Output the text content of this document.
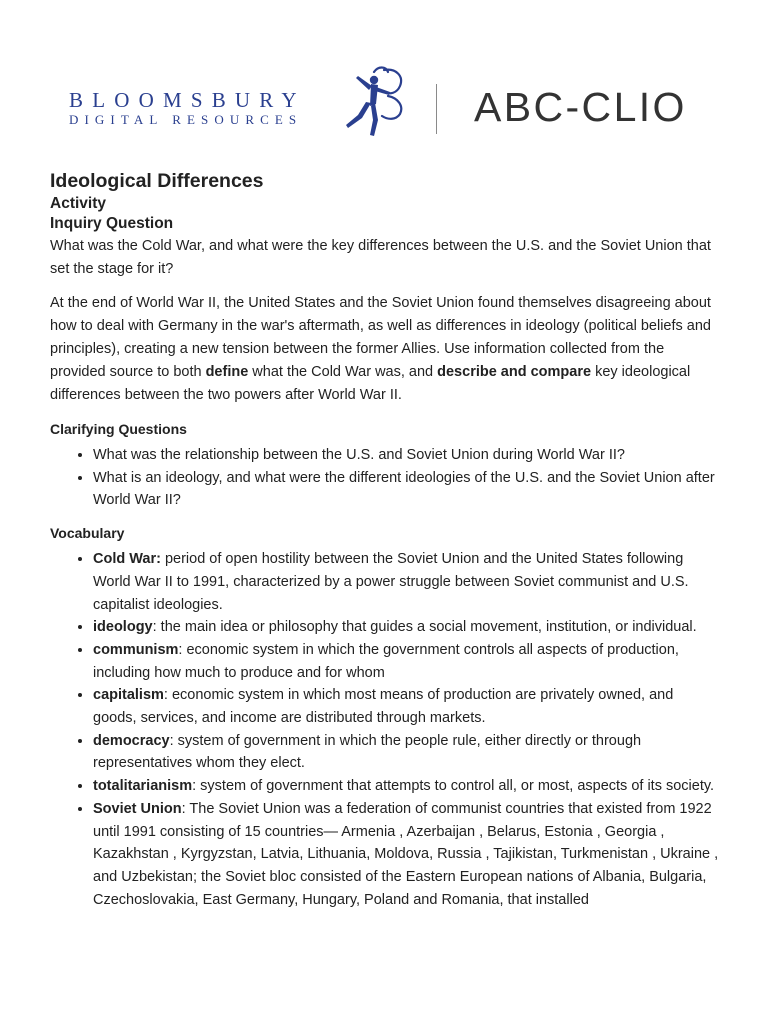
BLOOMSBURY
DIGITAL RESOURCES	ABC-CLIO
Ideological Differences
Activity
Inquiry Question

What was the Cold War, and what were the key differences between the U.S. and the Soviet Union that set the stage for it?

At the end of World War II, the United States and the Soviet Union found themselves disagreeing about how to deal with Germany in the war's aftermath, as well as differences in ideology (political beliefs and principles), creating a new tension between the former Allies. Use information collected from the provided source to both define what the Cold War was, and describe and compare key ideological differences between the two powers after World War II.

Clarifying Questions
• What was the relationship between the U.S. and Soviet Union during World War II?
• What is an ideology, and what were the different ideologies of the U.S. and the Soviet Union after World War II?
Vocabulary
• Cold War: period of open hostility between the Soviet Union and the United States following World War II to 1991, characterized by a power struggle between Soviet communist and U.S. capitalist ideologies.
• ideology: the main idea or philosophy that guides a social movement, institution, or individual.
• communism: economic system in which the government controls all aspects of production, including how much to produce and for whom
• capitalism: economic system in which most means of production are privately owned, and goods, services, and income are distributed through markets.
• democracy: system of government in which the people rule, either directly or through representatives whom they elect.
• totalitarianism: system of government that attempts to control all, or most, aspects of its society.
• Soviet Union: The Soviet Union was a federation of communist countries that existed from 1922 until 1991 consisting of 15 countries— Armenia , Azerbaijan , Belarus, Estonia , Georgia , Kazakhstan , Kyrgyzstan, Latvia, Lithuania, Moldova, Russia , Tajikistan, Turkmenistan , Ukraine , and Uzbekistan; the Soviet bloc consisted of the Eastern European nations of Albania, Bulgaria, Czechoslovakia, East Germany, Hungary, Poland and Romania, that installed
